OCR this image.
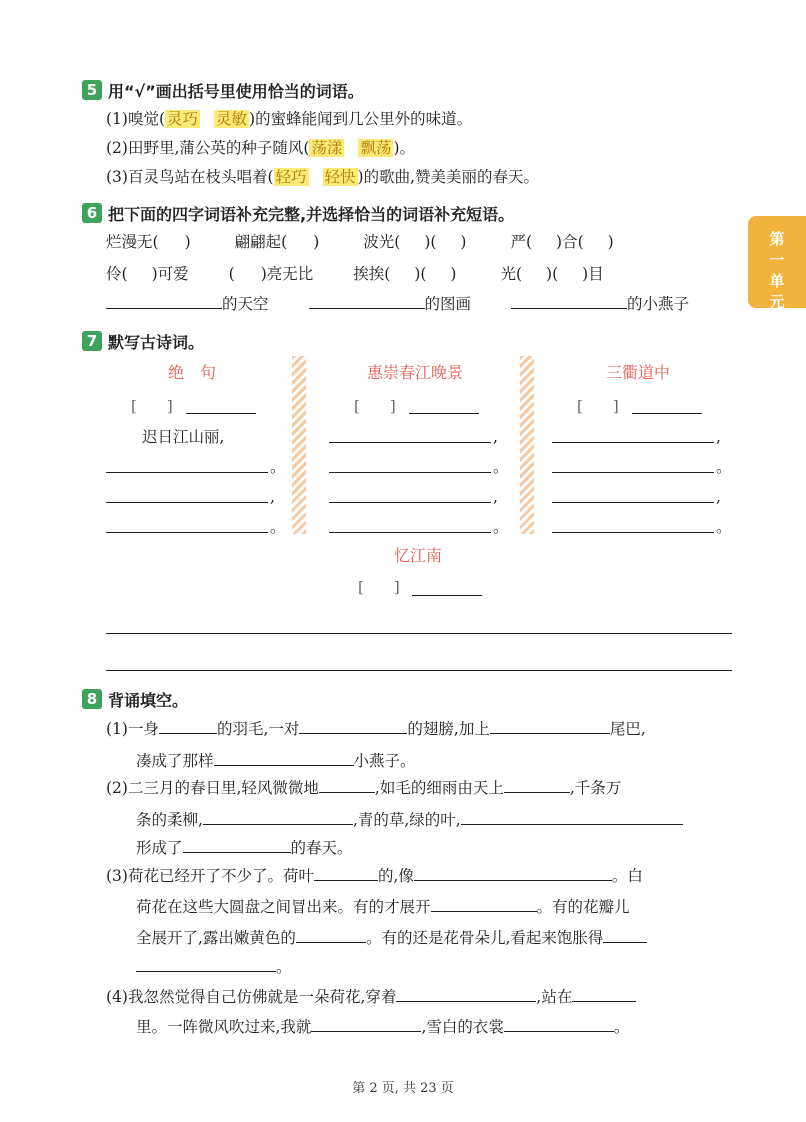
第
一
单
元
5 用“√”画出括号里使用恰当的词语。
(1)嗅觉( 灵巧 灵敏 )的蜜蜂能闻到几公里外的味道。
(2)田野里,蒲公英的种子随风( 荡漾 飘荡 )。
(3)百灵鸟站在枝头唱着( 轻巧 轻快 )的歌曲,赞美美丽的春天。
6 把下面的四字词语补充完整,并选择恰当的词语补充短语。
烂漫无( )	翩翩起( )	波光( )( )	严( )合( )
伶( )可爱	( )亮无比	挨挨( )( )	光( )( )目
的天空	的图画	的小燕子
7 默写古诗词。
绝　句
[　　]
迟日江山丽,
。
,
。
惠崇春江晚景
[　　]
,
。
,
。
三衢道中
[　　]
,
。
,
。
忆江南
[　　]
8 背诵填空。
(1)一身	的羽毛,一对	的翅膀,加上	尾巴,
凑成了那样	小燕子。
(2)二三月的春日里,轻风微微地	,如毛的细雨由天上	,千条万
条的柔柳,	,青的草,绿的叶,
形成了	的春天。
(3)荷花已经开了不少了。荷叶	的,像	。白
荷花在这些大圆盘之间冒出来。有的才展开	。有的花瓣儿
全展开了,露出嫩黄色的	。有的还是花骨朵儿,看起来饱胀得
。
(4)我忽然觉得自己仿佛就是一朵荷花,穿着	,站在
里。一阵微风吹过来,我就	,雪白的衣裳	。
第 2 页, 共 23 页
